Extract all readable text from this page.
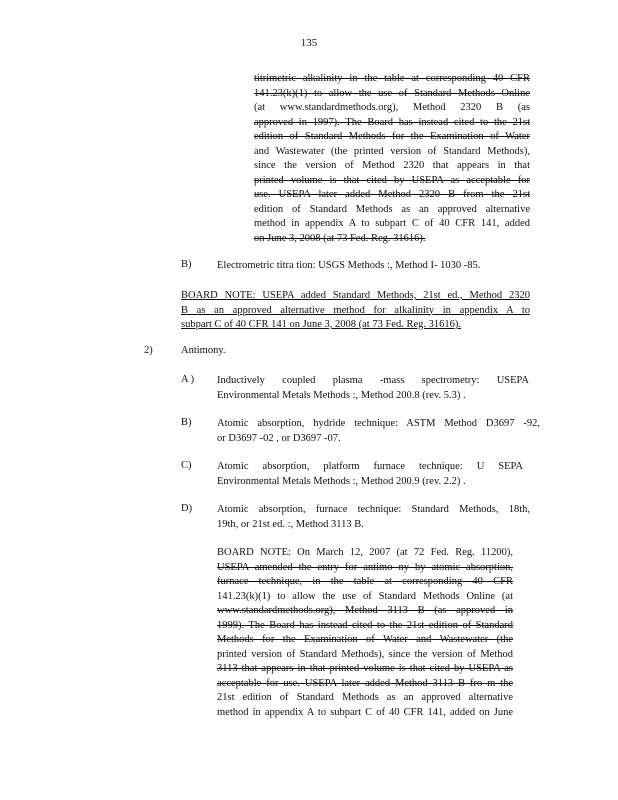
135
titrimetric alkalinity in the table at corresponding 40 CFR
141.23(k)(1) to allow the use of Standard Methods Online
(at www.standardmethods.org), Method 2320 B (as
approved in 1997). The Board has instead cited to the 21st
edition of Standard Methods for the Examination of Water
and Wastewater (the printed version of Standard Methods),
since the version of Method 2320 that appears in that
printed volume is that cited by USEPA as acceptable for
use. USEPA later added Method 2320 B from the 21st
edition of Standard Methods as an approved alternative
method in appendix A to subpart C of 40 CFR 141, added
on June 3, 2008 (at 73 Fed. Reg. 31616).
B) Electrometric titra tion: USGS Methods :, Method I- 1030 -85.
BOARD NOTE: USEPA added Standard Methods, 21st ed., Method 2320
B as an approved alternative method for alkalinity in appendix A to
subpart C of 40 CFR 141 on June 3, 2008 (at 73 Fed. Reg. 31616).
2)	Antimony.
A ) Inductively coupled plasma -mass spectrometry: USEPA
Environmental Metals Methods :, Method 200.8 (rev. 5.3) .
B) Atomic absorption, hydride technique: ASTM Method D3697 -92,
or D3697 -02 , or D3697 -07.
C) Atomic absorption, platform furnace technique: U SEPA
Environmental Metals Methods :, Method 200.9 (rev. 2.2) .
D) Atomic absorption, furnace technique: Standard Methods, 18th,
19th, or 21st ed. :, Method 3113 B.
BOARD NOTE: On March 12, 2007 (at 72 Fed. Reg. 11200),
USEPA amended the entry for antimo ny by atomic absorption,
furnace technique, in the table at corresponding 40 CFR
141.23(k)(1) to allow the use of Standard Methods Online (at
www.standardmethods.org), Method 3113 B (as approved in
1999). The Board has instead cited to the 21st edition of Standard
Methods for the Examination of Water and Wastewater (the
printed version of Standard Methods), since the version of Method
3113 that appears in that printed volume is that cited by USEPA as
acceptable for use. USEPA later added Method 3113 B fro m the
21st edition of Standard Methods as an approved alternative
method in appendix A to subpart C of 40 CFR 141, added on June
